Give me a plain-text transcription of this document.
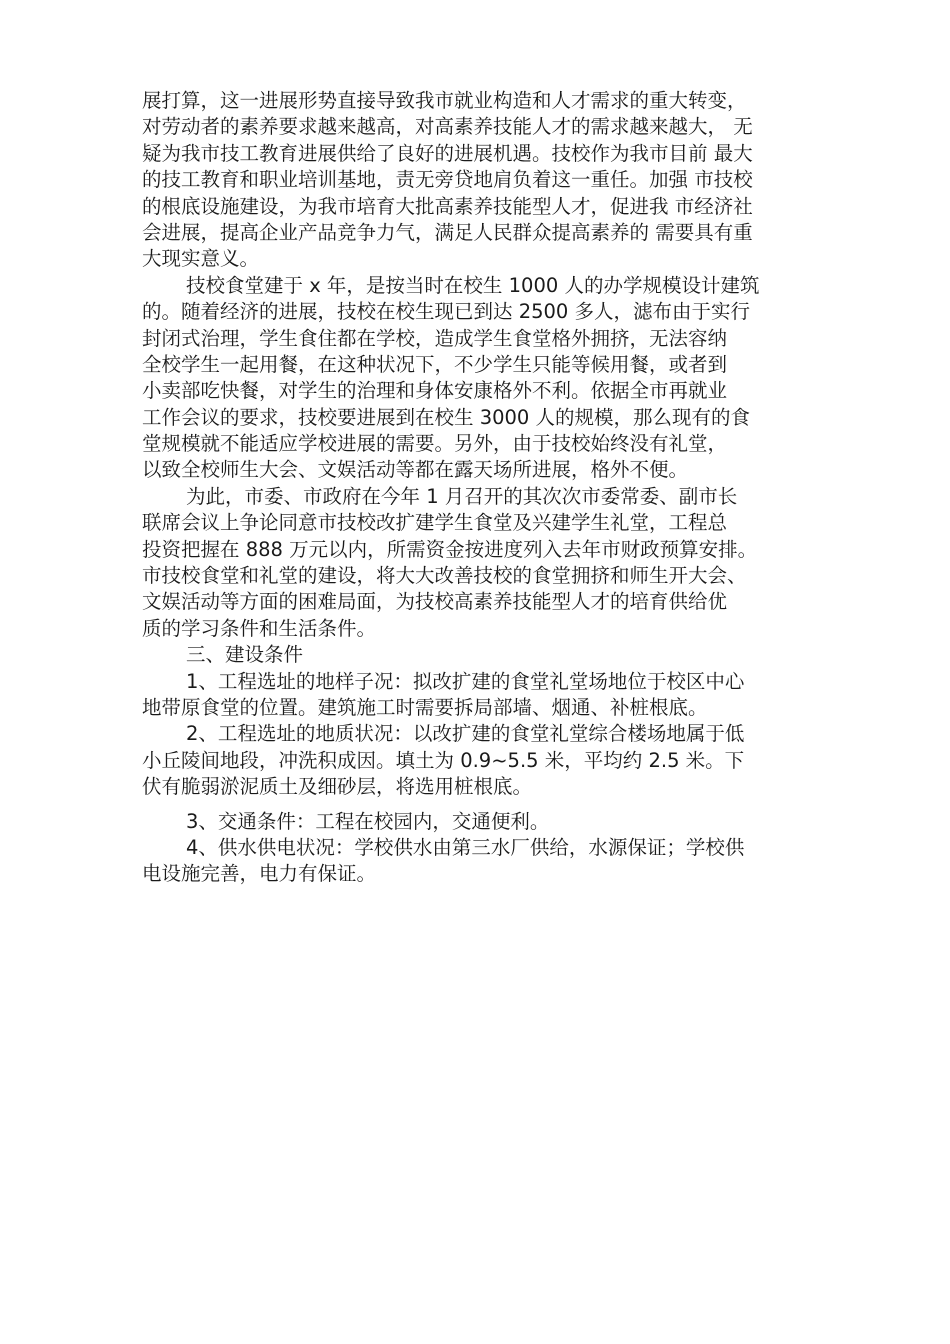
展打算，这一进展形势直接导致我市就业构造和人才需求的重大转变，
对劳动者的素养要求越来越高，对高素养技能人才的需求越来越大， 无
疑为我市技工教育进展供给了良好的进展机遇。技校作为我市目前 最大
的技工教育和职业培训基地，责无旁贷地肩负着这一重任。加强 市技校
的根底设施建设，为我市培育大批高素养技能型人才，促进我 市经济社
会进展，提高企业产品竞争力气，满足人民群众提高素养的 需要具有重
大现实意义。
技校食堂建于 x 年，是按当时在校生 1000 人的办学规模设计建筑
的。随着经济的进展，技校在校生现已到达 2500 多人，滤布由于实行
封闭式治理，学生食住都在学校，造成学生食堂格外拥挤，无法容纳
全校学生一起用餐，在这种状况下，不少学生只能等候用餐，或者到
小卖部吃快餐，对学生的治理和身体安康格外不利。依据全市再就业
工作会议的要求，技校要进展到在校生 3000 人的规模，那么现有的食
堂规模就不能适应学校进展的需要。另外，由于技校始终没有礼堂，
以致全校师生大会、文娱活动等都在露天场所进展，格外不便。
为此，市委、市政府在今年 1 月召开的其次次市委常委、副市长
联席会议上争论同意市技校改扩建学生食堂及兴建学生礼堂，工程总
投资把握在 888 万元以内，所需资金按进度列入去年市财政预算安排。
市技校食堂和礼堂的建设，将大大改善技校的食堂拥挤和师生开大会、
文娱活动等方面的困难局面，为技校高素养技能型人才的培育供给优
质的学习条件和生活条件。
三、建设条件
1、工程选址的地样子况：拟改扩建的食堂礼堂场地位于校区中心
地带原食堂的位置。建筑施工时需要拆局部墙、烟通、补桩根底。
2、工程选址的地质状况：以改扩建的食堂礼堂综合楼场地属于低
小丘陵间地段，冲洗积成因。填土为 0.9~5.5 米，平均约 2.5 米。下
伏有脆弱淤泥质土及细砂层，将选用桩根底。
3、交通条件：工程在校园内，交通便利。
4、供水供电状况：学校供水由第三水厂供给，水源保证；学校供
电设施完善，电力有保证。
